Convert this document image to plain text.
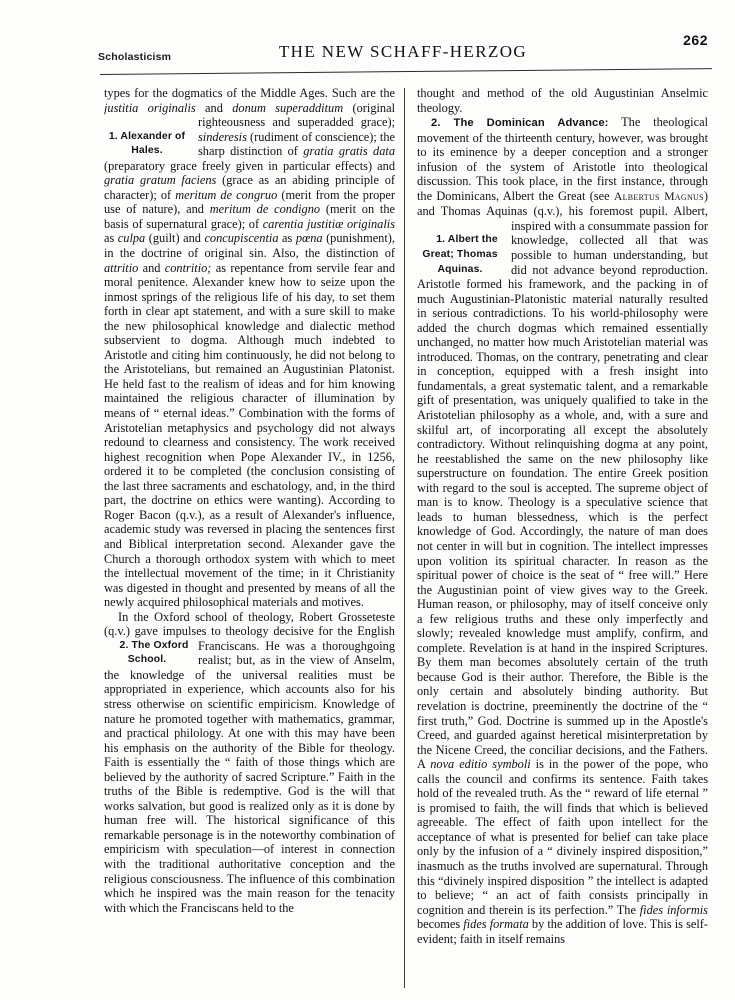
Scholasticism	THE NEW SCHAFF-HERZOG
262

types for the dogmatics of the Middle Ages. Such are the justitia originalis and donum superadditum
1. Alexander of Hales.
(original righteousness and superadded grace); sinderesis (rudiment of conscience); the sharp distinction of gratia gratis data (preparatory grace freely given in particular effects) and gratia gratum faciens (grace as an abiding principle of character); of meritum de congruo (merit from the proper use of nature), and meritum de condigno (merit on the basis of supernatural grace); of carentia justitiæ originalis as culpa (guilt) and concupiscentia as pœna (punishment), in the doctrine of original sin. Also, the distinction of attritio and contritio; as repentance from servile fear and moral penitence. Alexander knew how to seize upon the inmost springs of the religious life of his day, to set them forth in clear apt statement, and with a sure skill to make the new philosophical knowledge and dialectic method subservient to dogma. Although much indebted to Aristotle and citing him continuously, he did not belong to the Aristotelians, but remained an Augustinian Platonist. He held fast to the realism of ideas and for him knowing maintained the religious character of illumination by means of “ eternal ideas.” Combination with the forms of Aristotelian metaphysics and psychology did not always redound to clearness and consistency. The work received highest recognition when Pope Alexander IV., in 1256, ordered it to be completed (the conclusion consisting of the last three sacraments and eschatology, and, in the third part, the doctrine on ethics were wanting). According to Roger Bacon (q.v.), as a result of Alexander's influence, academic study was reversed in placing the sentences first and Biblical interpretation second. Alexander gave the Church a thorough orthodox system with which to meet the intellectual movement of the time; in it Christianity was digested in thought and presented by means of all the newly acquired philosophical materials and motives.

In the Oxford school of theology, Robert Grosseteste (q.v.) gave impulses to theology decisive for
2. The Oxford School.
the English Franciscans. He was a thoroughgoing realist; but, as in the view of Anselm, the knowledge of the universal realities must be appropriated in experience, which accounts also for his stress otherwise on scientific empiricism. Knowledge of nature he promoted together with mathematics, grammar, and practical philology. At one with this may have been his emphasis on the authority of the Bible for theology. Faith is essentially the “ faith of those things which are believed by the authority of sacred Scripture.” Faith in the truths of the Bible is redemptive. God is the will that works salvation, but good is realized only as it is done by human free will. The historical significance of this remarkable personage is in the noteworthy combination of empiricism with speculation—of interest in connection with the traditional authoritative conception and the religious consciousness. The influence of this combination which he inspired was the main reason for the tenacity with which the Franciscans held to the

thought and method of the old Augustinian Anselmic theology.

2. The Dominican Advance: The theological movement of the thirteenth century, however, was brought to its eminence by a deeper conception and a stronger infusion of the system of Aristotle into theological discussion. This took place, in the first instance, through the Dominicans, Albert the Great (see Albertus Magnus) and Thomas Aquinas (q.v.), his foremost pupil. Albert, in
1. Albert the Great; Thomas Aquinas.
spired with a consummate passion for knowledge, collected all that was possible to human understanding, but did not advance beyond reproduction. Aristotle formed his framework, and the packing in of much Augustinian-Platonistic material naturally resulted in serious contradictions. To his world-philosophy were added the church dogmas which remained essentially unchanged, no matter how much Aristotelian material was introduced. Thomas, on the contrary, penetrating and clear in conception, equipped with a fresh insight into fundamentals, a great systematic talent, and a remarkable gift of presentation, was uniquely qualified to take in the Aristotelian philosophy as a whole, and, with a sure and skilful art, of incorporating all except the absolutely contradictory. Without relinquishing dogma at any point, he reestablished the same on the new philosophy like superstructure on foundation. The entire Greek position with regard to the soul is accepted. The supreme object of man is to know. Theology is a speculative science that leads to human blessedness, which is the perfect knowledge of God. Accordingly, the nature of man does not center in will but in cognition. The intellect impresses upon volition its spiritual character. In reason as the spiritual power of choice is the seat of “ free will.” Here the Augustinian point of view gives way to the Greek. Human reason, or philosophy, may of itself conceive only a few religious truths and these only imperfectly and slowly; revealed knowledge must amplify, confirm, and complete. Revelation is at hand in the inspired Scriptures. By them man becomes absolutely certain of the truth because God is their author. Therefore, the Bible is the only certain and absolutely binding authority. But revelation is doctrine, preeminently the doctrine of the “ first truth,” God. Doctrine is summed up in the Apostle's Creed, and guarded against heretical misinterpretation by the Nicene Creed, the conciliar decisions, and the Fathers. A nova editio symboli is in the power of the pope, who calls the council and confirms its sentence. Faith takes hold of the revealed truth. As the “ reward of life eternal ” is promised to faith, the will finds that which is believed agreeable. The effect of faith upon intellect for the acceptance of what is presented for belief can take place only by the infusion of a “ divinely inspired disposition,” inasmuch as the truths involved are supernatural. Through this “divinely inspired disposition ” the intellect is adapted to believe; “ an act of faith consists principally in cognition and therein is its perfection.” The fides informis becomes fides formata by the addition of love. This is self-evident; faith in itself remains
